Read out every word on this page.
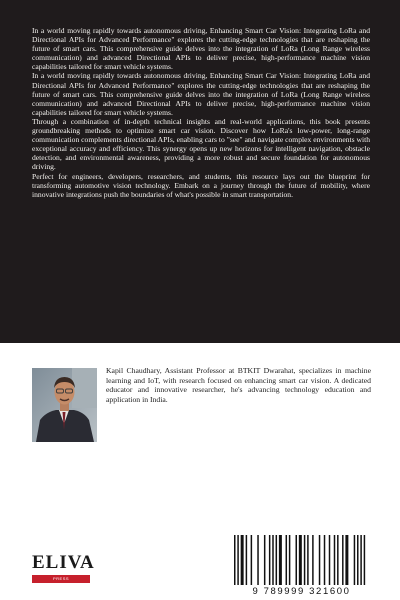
In a world moving rapidly towards autonomous driving, Enhancing Smart Car Vision: Integrating LoRa and Directional APIs for Advanced Performance" explores the cutting-edge technologies that are reshaping the future of smart cars. This comprehensive guide delves into the integration of LoRa (Long Range wireless communication) and advanced Directional APIs to deliver precise, high-performance machine vision capabilities tailored for smart vehicle systems.

In a world moving rapidly towards autonomous driving, Enhancing Smart Car Vision: Integrating LoRa and Directional APIs for Advanced Performance" explores the cutting-edge technologies that are reshaping the future of smart cars. This comprehensive guide delves into the integration of LoRa (Long Range wireless communication) and advanced Directional APIs to deliver precise, high-performance machine vision capabilities tailored for smart vehicle systems.

Through a combination of in-depth technical insights and real-world applications, this book presents groundbreaking methods to optimize smart car vision. Discover how LoRa's low-power, long-range communication complements directional APIs, enabling cars to "see" and navigate complex environments with exceptional accuracy and efficiency. This synergy opens up new horizons for intelligent navigation, obstacle detection, and environmental awareness, providing a more robust and secure foundation for autonomous driving.

Perfect for engineers, developers, researchers, and students, this resource lays out the blueprint for transforming automotive vision technology. Embark on a journey through the future of mobility, where innovative integrations push the boundaries of what's possible in smart transportation.

Kapil Chaudhary, Assistant Professor at BTKIT Dwarahat, specializes in machine learning and IoT, with research focused on enhancing smart car vision. A dedicated educator and innovative researcher, he's advancing technology education and application in India.

ELIVA
PRESS
9 789999 321600
